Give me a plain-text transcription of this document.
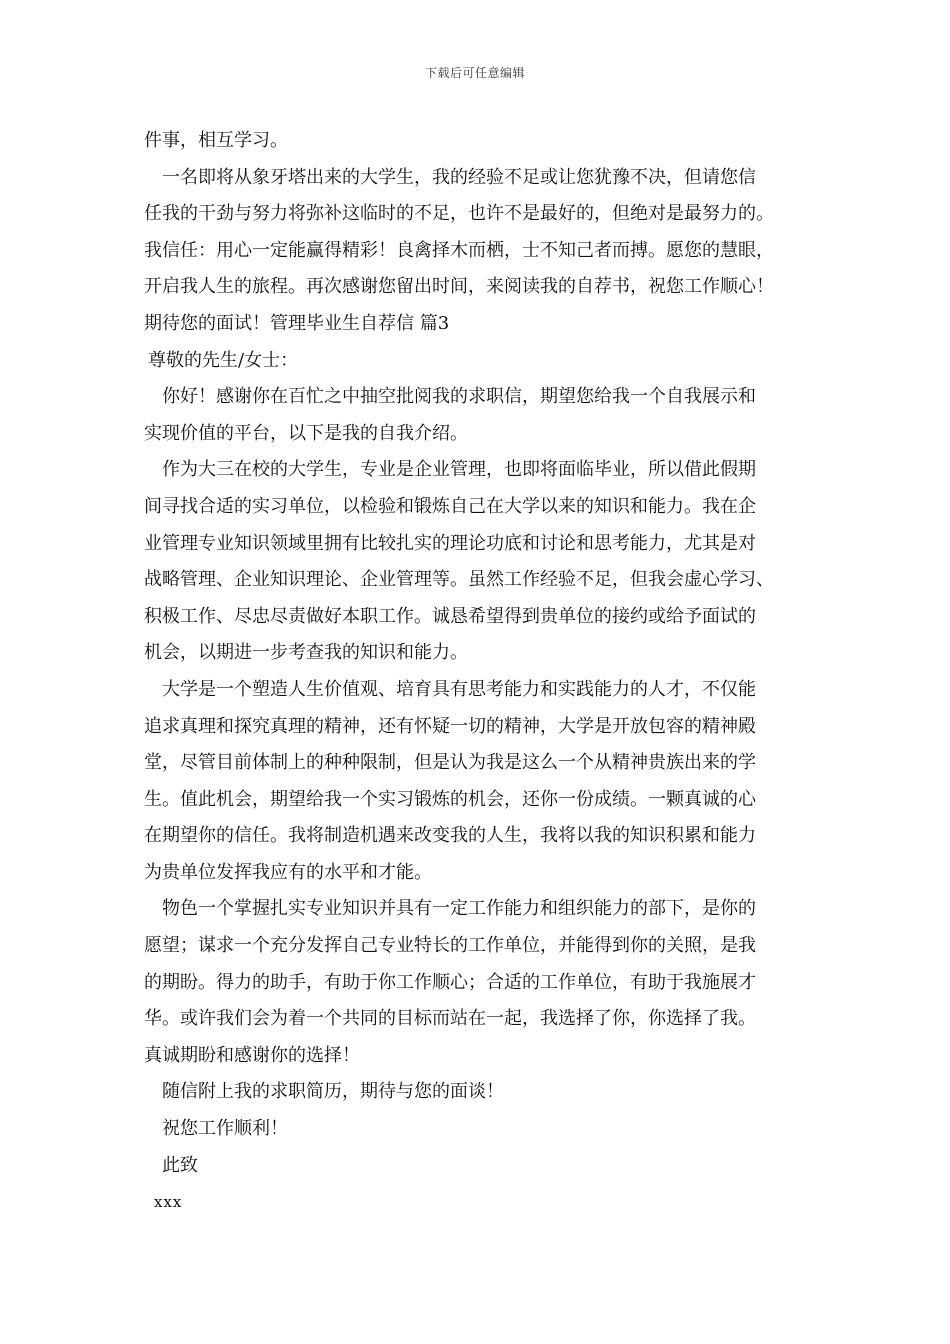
下载后可任意编辑
件事，相互学习。
一名即将从象牙塔出来的大学生，我的经验不足或让您犹豫不决，但请您信
任我的干劲与努力将弥补这临时的不足，也许不是最好的，但绝对是最努力的。
我信任：用心一定能赢得精彩！良禽择木而栖，士不知己者而搏。愿您的慧眼，
开启我人生的旅程。再次感谢您留出时间，来阅读我的自荐书，祝您工作顺心！
期待您的面试！管理毕业生自荐信 篇3
尊敬的先生/女士：
你好！感谢你在百忙之中抽空批阅我的求职信，期望您给我一个自我展示和
实现价值的平台，以下是我的自我介绍。
作为大三在校的大学生，专业是企业管理，也即将面临毕业，所以借此假期
间寻找合适的实习单位，以检验和锻炼自己在大学以来的知识和能力。我在企
业管理专业知识领域里拥有比较扎实的理论功底和讨论和思考能力，尤其是对
战略管理、企业知识理论、企业管理等。虽然工作经验不足，但我会虚心学习、
积极工作、尽忠尽责做好本职工作。诚恳希望得到贵单位的接约或给予面试的
机会，以期进一步考查我的知识和能力。
大学是一个塑造人生价值观、培育具有思考能力和实践能力的人才，不仅能
追求真理和探究真理的精神，还有怀疑一切的精神，大学是开放包容的精神殿
堂，尽管目前体制上的种种限制，但是认为我是这么一个从精神贵族出来的学
生。值此机会，期望给我一个实习锻炼的机会，还你一份成绩。一颗真诚的心
在期望你的信任。我将制造机遇来改变我的人生，我将以我的知识积累和能力
为贵单位发挥我应有的水平和才能。
物色一个掌握扎实专业知识并具有一定工作能力和组织能力的部下，是你的
愿望；谋求一个充分发挥自己专业特长的工作单位，并能得到你的关照，是我
的期盼。得力的助手，有助于你工作顺心；合适的工作单位，有助于我施展才
华。或许我们会为着一个共同的目标而站在一起，我选择了你，你选择了我。
真诚期盼和感谢你的选择！
随信附上我的求职简历，期待与您的面谈！
祝您工作顺利！
此致
xxx
